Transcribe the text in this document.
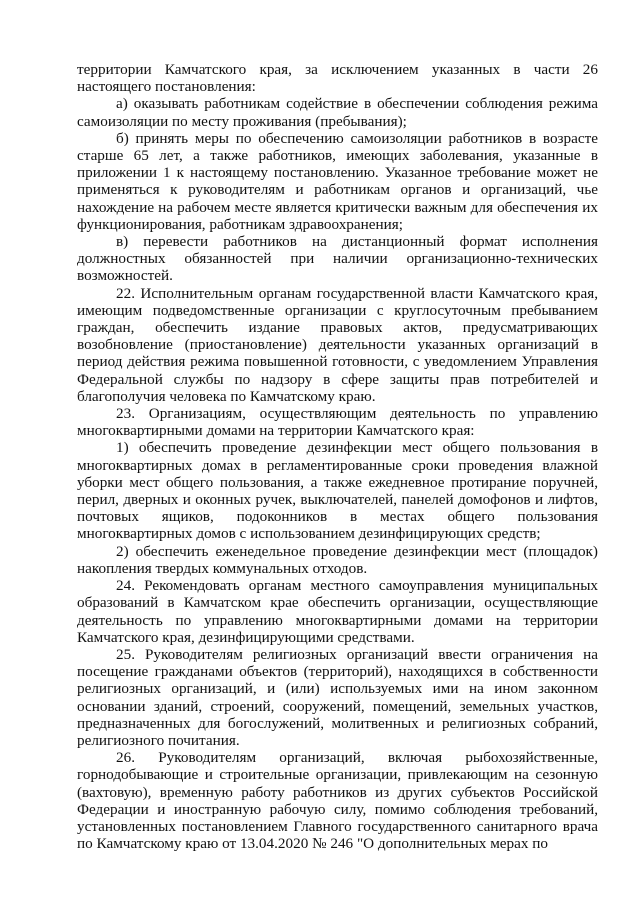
территории Камчатского края, за исключением указанных в части 26 настоящего постановления:

а) оказывать работникам содействие в обеспечении соблюдения режима самоизоляции по месту проживания (пребывания);

б) принять меры по обеспечению самоизоляции работников в возрасте старше 65 лет, а также работников, имеющих заболевания, указанные в приложении 1 к настоящему постановлению. Указанное требование может не применяться к руководителям и работникам органов и организаций, чье нахождение на рабочем месте является критически важным для обеспечения их функционирования, работникам здравоохранения;

в) перевести работников на дистанционный формат исполнения должностных обязанностей при наличии организационно-технических возможностей.

22. Исполнительным органам государственной власти Камчатского края, имеющим подведомственные организации с круглосуточным пребыванием граждан, обеспечить издание правовых актов, предусматривающих возобновление (приостановление) деятельности указанных организаций в период действия режима повышенной готовности, с уведомлением Управления Федеральной службы по надзору в сфере защиты прав потребителей и благополучия человека по Камчатскому краю.

23. Организациям, осуществляющим деятельность по управлению многоквартирными домами на территории Камчатского края:

1) обеспечить проведение дезинфекции мест общего пользования в многоквартирных домах в регламентированные сроки проведения влажной уборки мест общего пользования, а также ежедневное протирание поручней, перил, дверных и оконных ручек, выключателей, панелей домофонов и лифтов, почтовых ящиков, подоконников в местах общего пользования многоквартирных домов с использованием дезинфицирующих средств;

2) обеспечить еженедельное проведение дезинфекции мест (площадок) накопления твердых коммунальных отходов.

24. Рекомендовать органам местного самоуправления муниципальных образований в Камчатском крае обеспечить организации, осуществляющие деятельность по управлению многоквартирными домами на территории Камчатского края, дезинфицирующими средствами.

25. Руководителям религиозных организаций ввести ограничения на посещение гражданами объектов (территорий), находящихся в собственности религиозных организаций, и (или) используемых ими на ином законном основании зданий, строений, сооружений, помещений, земельных участков, предназначенных для богослужений, молитвенных и религиозных собраний, религиозного почитания.

26. Руководителям организаций, включая рыбохозяйственные, горнодобывающие и строительные организации, привлекающим на сезонную (вахтовую), временную работу работников из других субъектов Российской Федерации и иностранную рабочую силу, помимо соблюдения требований, установленных постановлением Главного государственного санитарного врача по Камчатскому краю от 13.04.2020 № 246 "О дополнительных мерах по
